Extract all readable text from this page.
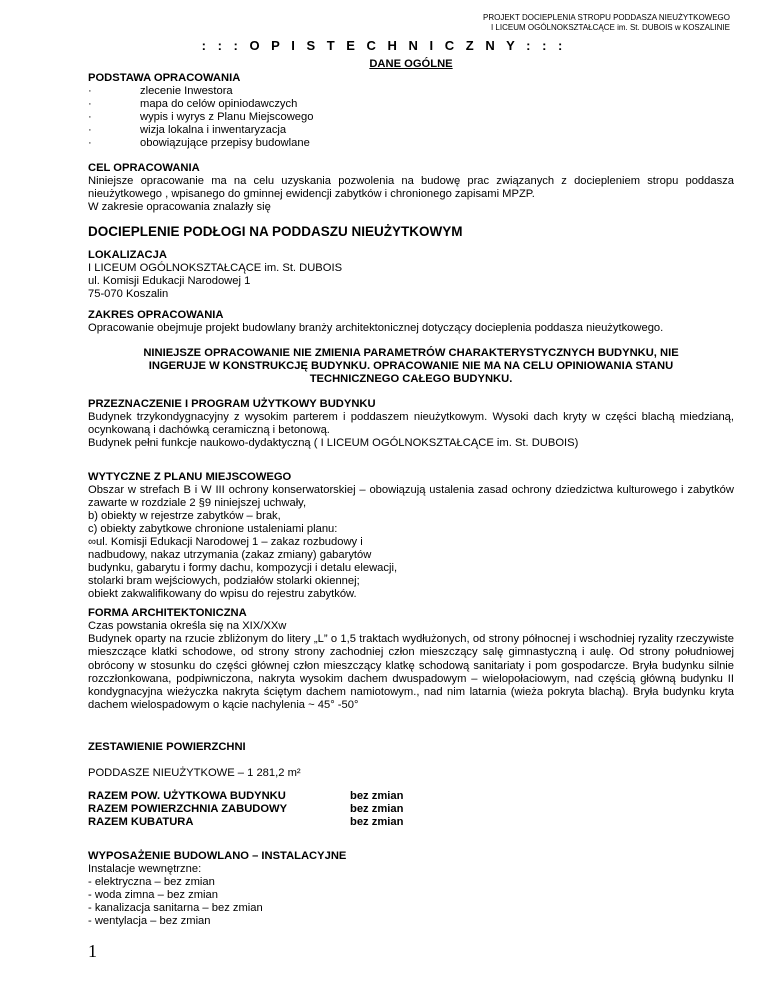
PROJEKT DOCIEPLENIA STROPU PODDASZA NIEUŻYTKOWEGO
I LICEUM OGÓLNOKSZTAŁCĄCE im. St. DUBOIS w KOSZALINIE
: : : O P I S T E C H N I C Z N Y : : :
DANE OGÓLNE
PODSTAWA OPRACOWANIA
·	zlecenie Inwestora
·	mapa do celów opiniodawczych
·	wypis i wyrys z Planu Miejscowego
·	wizja lokalna i inwentaryzacja
·	obowiązujące przepisy budowlane
CEL OPRACOWANIA
Niniejsze opracowanie ma na celu uzyskania pozwolenia na budowę prac związanych z dociepleniem stropu poddasza nieużytkowego , wpisanego do gminnej ewidencji zabytków i chronionego zapisami MPZP.
W zakresie opracowania znalazły się
DOCIEPLENIE PODŁOGI NA PODDASZU NIEUŻYTKOWYM
LOKALIZACJA
I LICEUM OGÓLNOKSZTAŁCĄCE im. St. DUBOIS
ul. Komisji Edukacji Narodowej 1
75-070 Koszalin
ZAKRES OPRACOWANIA
Opracowanie obejmuje projekt budowlany branży architektonicznej dotyczący docieplenia poddasza nieużytkowego.
NINIEJSZE OPRACOWANIE NIE ZMIENIA PARAMETRÓW CHARAKTERYSTYCZNYCH BUDYNKU, NIE INGERUJE W KONSTRUKCJĘ BUDYNKU. OPRACOWANIE NIE MA NA CELU OPINIOWANIA STANU TECHNICZNEGO CAŁEGO BUDYNKU.
PRZEZNACZENIE I PROGRAM UŻYTKOWY BUDYNKU
Budynek trzykondygnacyjny z wysokim parterem i poddaszem nieużytkowym. Wysoki dach kryty w części blachą miedzianą, ocynkowaną i dachówką ceramiczną i betonową.
Budynek pełni funkcje naukowo-dydaktyczną ( I LICEUM OGÓLNOKSZTAŁCĄCE im. St. DUBOIS)
WYTYCZNE Z PLANU MIEJSCOWEGO
Obszar w strefach B i W III ochrony konserwatorskiej – obowiązują ustalenia zasad ochrony dziedzictwa kulturowego i zabytków zawarte w rozdziale 2 §9 niniejszej uchwały,
b) obiekty w rejestrze zabytków – brak,
c) obiekty zabytkowe chronione ustaleniami planu:
∞ul. Komisji Edukacji Narodowej 1 – zakaz rozbudowy i
nadbudowy, nakaz utrzymania (zakaz zmiany) gabarytów
budynku, gabarytu i formy dachu, kompozycji i detalu elewacji,
stolarki bram wejściowych, podziałów stolarki okiennej;
obiekt zakwalifikowany do wpisu do rejestru zabytków.
FORMA ARCHITEKTONICZNA
Czas powstania określa się na XIX/XXw
Budynek oparty na rzucie zbliżonym do litery „L” o 1,5 traktach wydłużonych, od strony północnej i wschodniej ryzality rzeczywiste mieszczące klatki schodowe, od strony strony zachodniej człon mieszczący salę gimnastyczną i aulę. Od strony południowej obrócony w stosunku do części głównej człon mieszczący klatkę schodową sanitariaty i pom gospodarcze. Bryła budynku silnie rozczłonkowana, podpiwniczona, nakryta wysokim dachem dwuspadowym – wielopołaciowym, nad częścią główną budynku II kondygnacyjna wieżyczka nakryta ściętym dachem namiotowym., nad nim latarnia (wieża pokryta blachą). Bryła budynku kryta dachem wielospadowym o kącie nachylenia ~ 45° -50°
ZESTAWIENIE POWIERZCHNI
PODDASZE NIEUŻYTKOWE – 1 281,2 m²
RAZEM POW. UŻYTKOWA BUDYNKU	bez zmian
RAZEM POWIERZCHNIA ZABUDOWY	bez zmian
RAZEM KUBATURA	bez zmian
WYPOSAŻENIE BUDOWLANO – INSTALACYJNE
Instalacje wewnętrzne:
- elektryczna – bez zmian
- woda zimna – bez zmian
- kanalizacja sanitarna – bez zmian
- wentylacja – bez zmian
1
